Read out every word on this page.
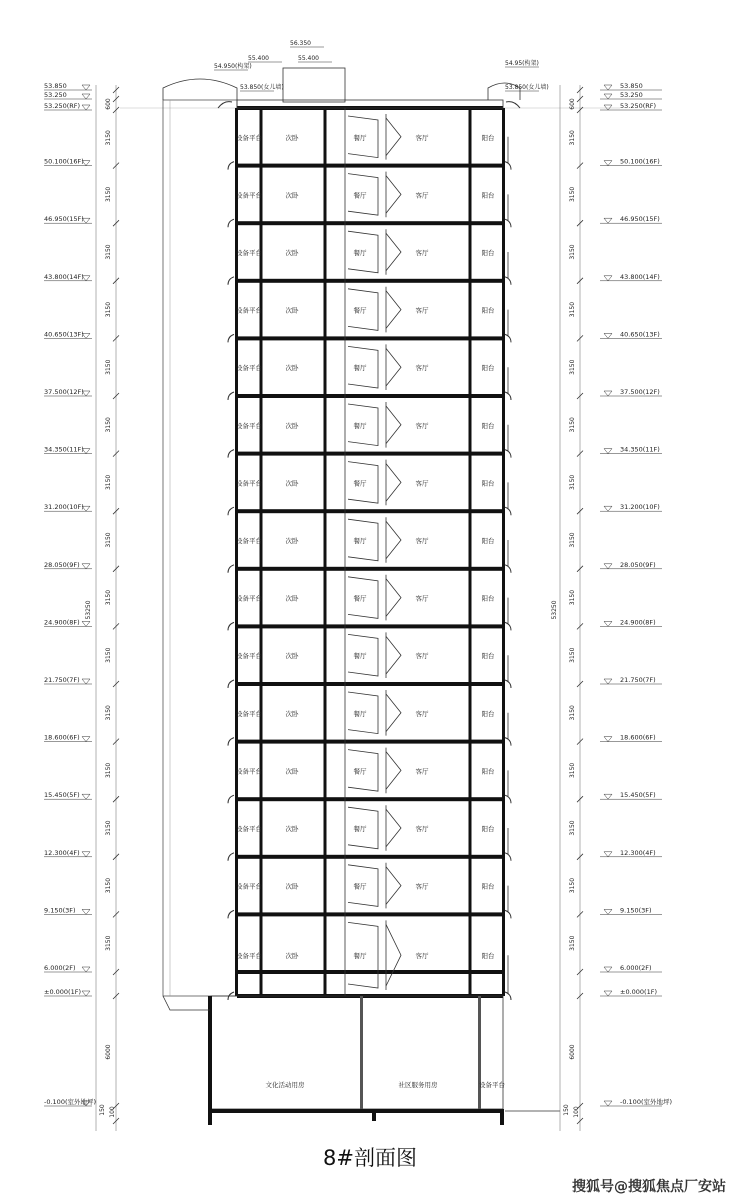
设备平台	次卧	餐厅	客厅	阳台
设备平台	次卧	餐厅	客厅	阳台
设备平台	次卧	餐厅	客厅	阳台
设备平台	次卧	餐厅	客厅	阳台
设备平台	次卧	餐厅	客厅	阳台
设备平台	次卧	餐厅	客厅	阳台
设备平台	次卧	餐厅	客厅	阳台
设备平台	次卧	餐厅	客厅	阳台
设备平台	次卧	餐厅	客厅	阳台
设备平台	次卧	餐厅	客厅	阳台
设备平台	次卧	餐厅	客厅	阳台
设备平台	次卧	餐厅	客厅	阳台
设备平台	次卧	餐厅	客厅	阳台
设备平台	次卧	餐厅	客厅	阳台
设备平台	次卧	餐厅	客厅	阳台
文化活动用房	社区服务用房	设备平台
3150	3150
3150	3150
3150	3150
3150	3150
3150	3150
3150	3150
3150	3150
3150	3150
3150	3150
3150	3150
3150	3150
3150	3150
3150	3150
3150	3150
3150	3150
6000	6000
53250	53250
600	600
150 100	150 100
53.850	53.850
53.250	53.250
53.250(RF)	53.250(RF)
50.100(16F)	50.100(16F)
46.950(15F)	46.950(15F)
43.800(14F)	43.800(14F)
40.650(13F)	40.650(13F)
37.500(12F)	37.500(12F)
34.350(11F)	34.350(11F)
31.200(10F)	31.200(10F)
28.050(9F)	28.050(9F)
24.900(8F)	24.900(8F)
21.750(7F)	21.750(7F)
18.600(6F)	18.600(6F)
15.450(5F)	15.450(5F)
12.300(4F)	12.300(4F)
9.150(3F)	9.150(3F)
6.000(2F)	6.000(2F)
±0.000(1F)	±0.000(1F)
-0.100(室外地坪)	-0.100(室外地坪)
56.350
55.400	55.400
54.950(构架)	54.95(构架)
53.850(女儿墙)	53.850(女儿墙)
8#剖面图
搜狐号@搜狐焦点厂安站
